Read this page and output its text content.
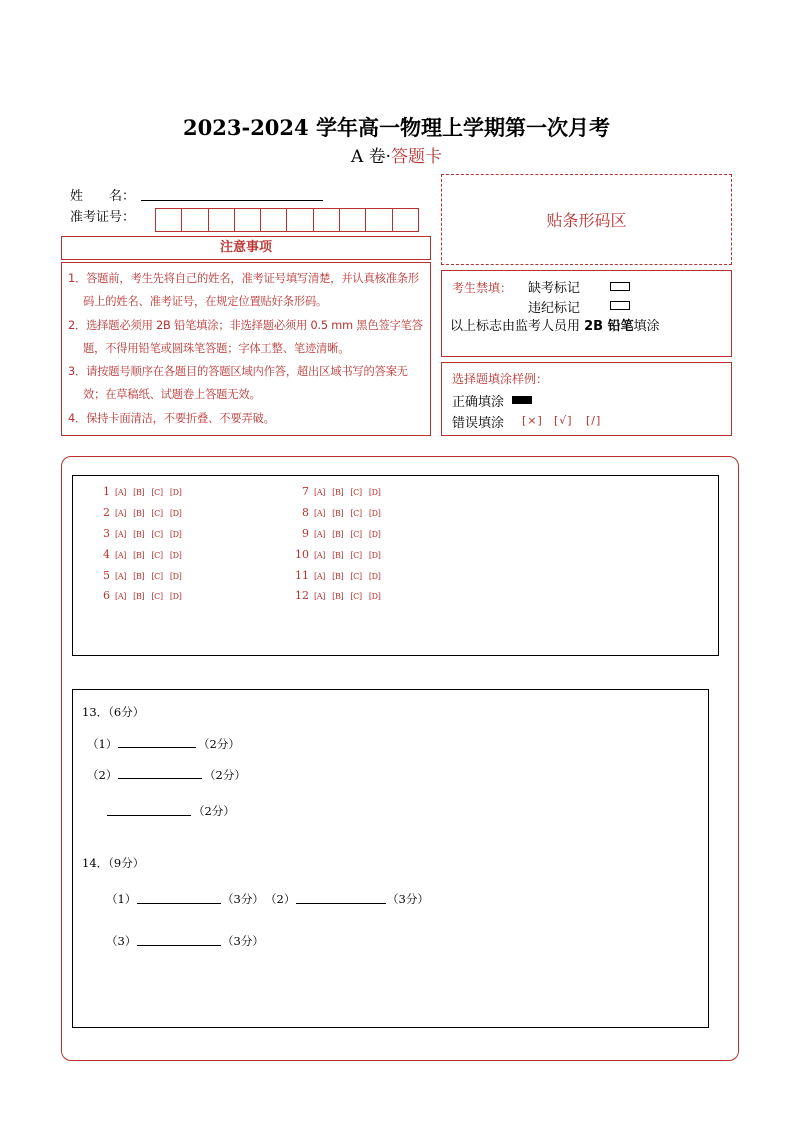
2023-2024 学年高一物理上学期第一次月考
A 卷·答题卡
姓　　名：
准考证号：
注意事项
1．答题前，考生先将自己的姓名，准考证号填写清楚，并认真核准条形码上的姓名、准考证号，在规定位置贴好条形码。
2．选择题必须用 2B 铅笔填涂；非选择题必须用 0.5 mm 黑色签字笔答题，不得用铅笔或圆珠笔答题；字体工整、笔迹清晰。
3．请按题号顺序在各题目的答题区域内作答，超出区域书写的答案无效；在草稿纸、试题卷上答题无效。
4．保持卡面清洁，不要折叠、不要弄破。
贴条形码区
考生禁填： 缺考标记
违纪标记
以上标志由监考人员用 2B 铅笔填涂
选择题填涂样例：
正确填涂
错误填涂 [×] [√] [/]
1 [A] [B] [C] [D]
2 [A] [B] [C] [D]
3 [A] [B] [C] [D]
4 [A] [B] [C] [D]
5 [A] [B] [C] [D]
6 [A] [B] [C] [D]
7 [A] [B] [C] [D]
8 [A] [B] [C] [D]
9 [A] [B] [C] [D]
10 [A] [B] [C] [D]
11 [A] [B] [C] [D]
12 [A] [B] [C] [D]
13．（6分）
（1）	（2分）
（2）	（2分）
（2分）
14．（9分）
（1）	（3分） （2）	（3分）
（3）	（3分）
